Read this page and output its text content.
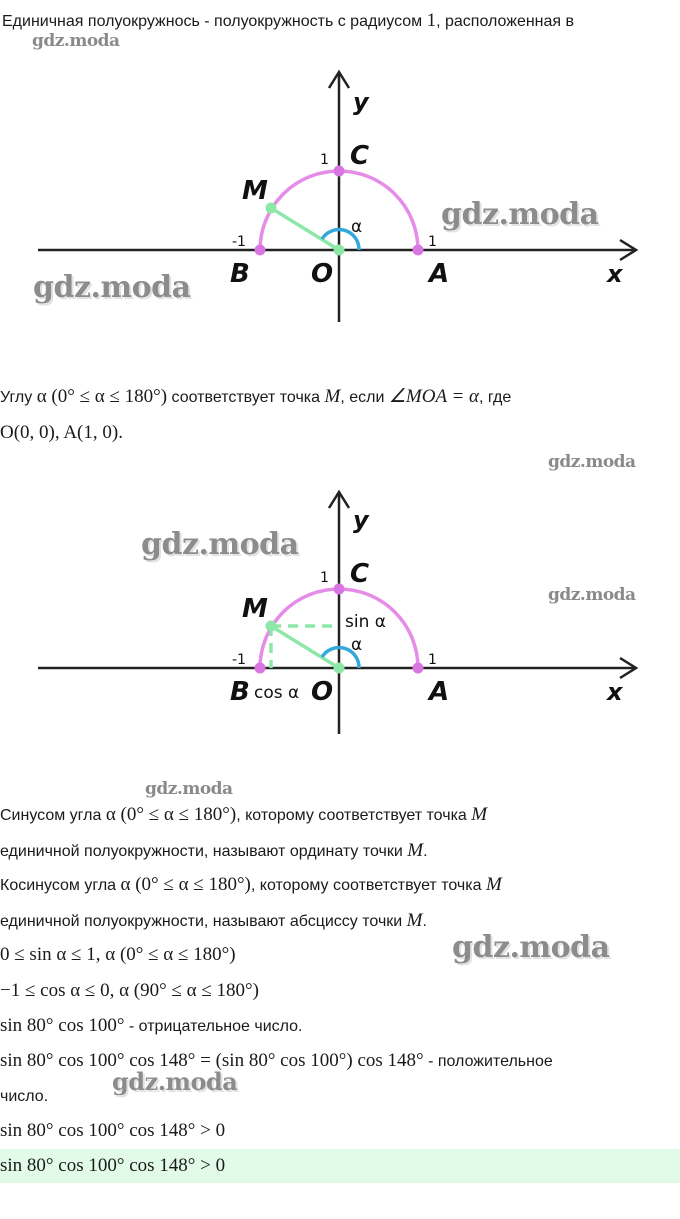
Единичная полуокружнось - полуокружность с радиусом 1, расположенная в
gdz.moda
y
x
C
M
B O	A
1
-1	1
α	gdz.moda
gdz.moda
Углу α (0° ≤ α ≤ 180°) соответствует точка M, если ∠MOA = α, где
O(0, 0), A(1, 0).
gdz.moda
y
x
C
M
B O	A
1
-1	1
α
sin α
cos α
gdz.moda
gdz.moda
gdz.moda
Синусом угла α (0° ≤ α ≤ 180°), которому соответствует точка M
единичной полуокружности, называют ординату точки M.
Косинусом угла α (0° ≤ α ≤ 180°), которому соответствует точка M
единичной полуокружности, называют абсциссу точки M.
0 ≤ sin α ≤ 1, α (0° ≤ α ≤ 180°)	gdz.moda
−1 ≤ cos α ≤ 0, α (90° ≤ α ≤ 180°)
sin 80° cos 100° - отрицательное число.
sin 80° cos 100° cos 148° = (sin 80° cos 100°) cos 148° - положительное
gdz.moda
число.
sin 80° cos 100° cos 148° > 0
sin 80° cos 100° cos 148° > 0
